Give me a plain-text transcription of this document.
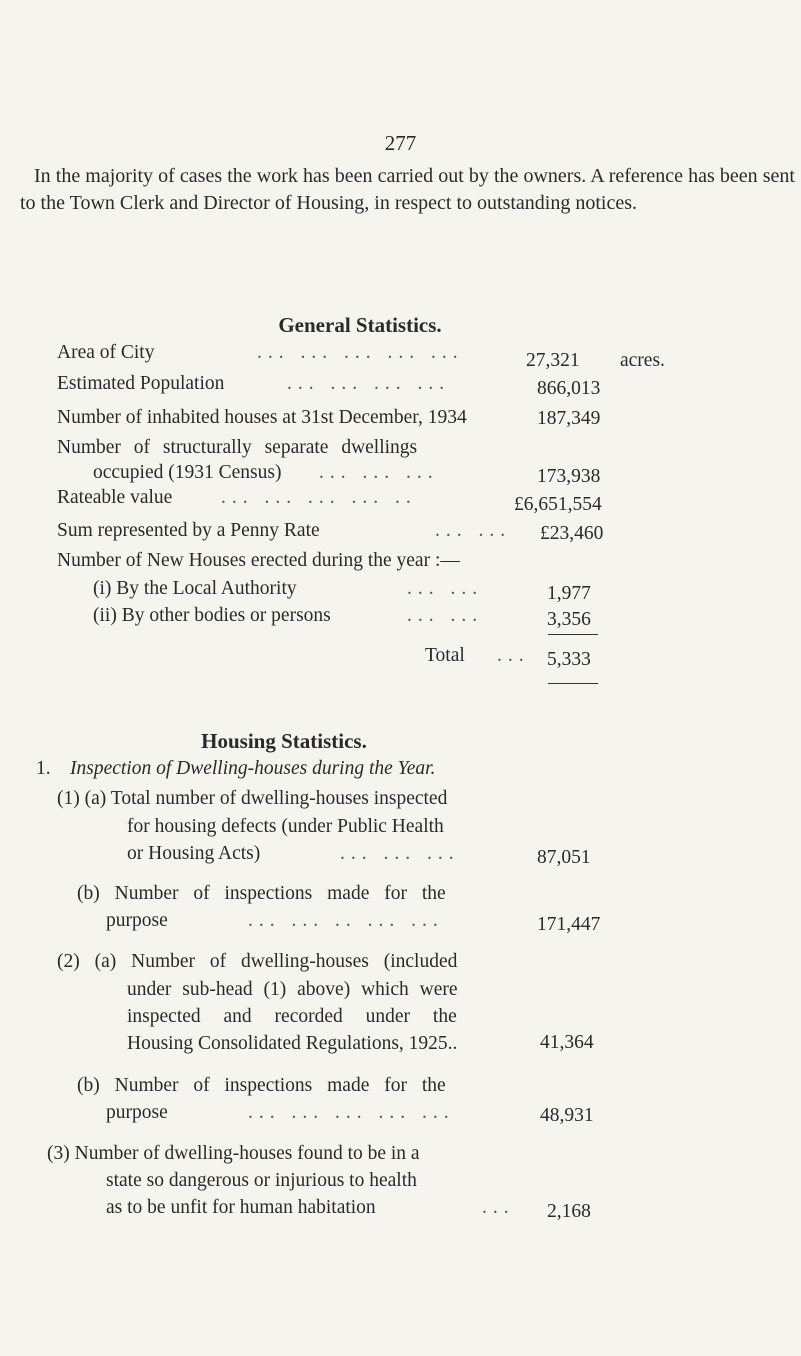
277

In the majority of cases the work has been carried out by the owners. A reference has been sent to the Town Clerk and Director of Housing, in respect to outstanding notices.

General Statistics.
Area of City	... ... ... ... ...	27,321 acres.
Estimated Population	... ... ... ...	866,013
Number of inhabited houses at 31st December, 1934	187,349
Number of structurally separate dwellings
occupied (1931 Census) ... ... ...	173,938
Rateable value ... ... ... ... ..	£6,651,554
Sum represented by a Penny Rate	... ... £23,460
Number of New Houses erected during the year :—
(i) By the Local Authority	... ...	1,977
(ii) By other bodies or persons	... ...	3,356
Total ... 5,333
Housing Statistics.
1. Inspection of Dwelling-houses during the Year.
(1) (a) Total number of dwelling-houses inspected
for housing defects (under Public Health
or Housing Acts)	... ... ...	87,051
(b) Number of inspections made for the
purpose	... ... .. ... ...	171,447
(2) (a) Number of dwelling-houses (included
under sub-head (1) above) which were
inspected and recorded under the
Housing Consolidated Regulations, 1925..	41,364
(b) Number of inspections made for the
purpose	... ... ... ... ...	48,931
(3) Number of dwelling-houses found to be in a
state so dangerous or injurious to health
as to be unfit for human habitation	... 2,168
